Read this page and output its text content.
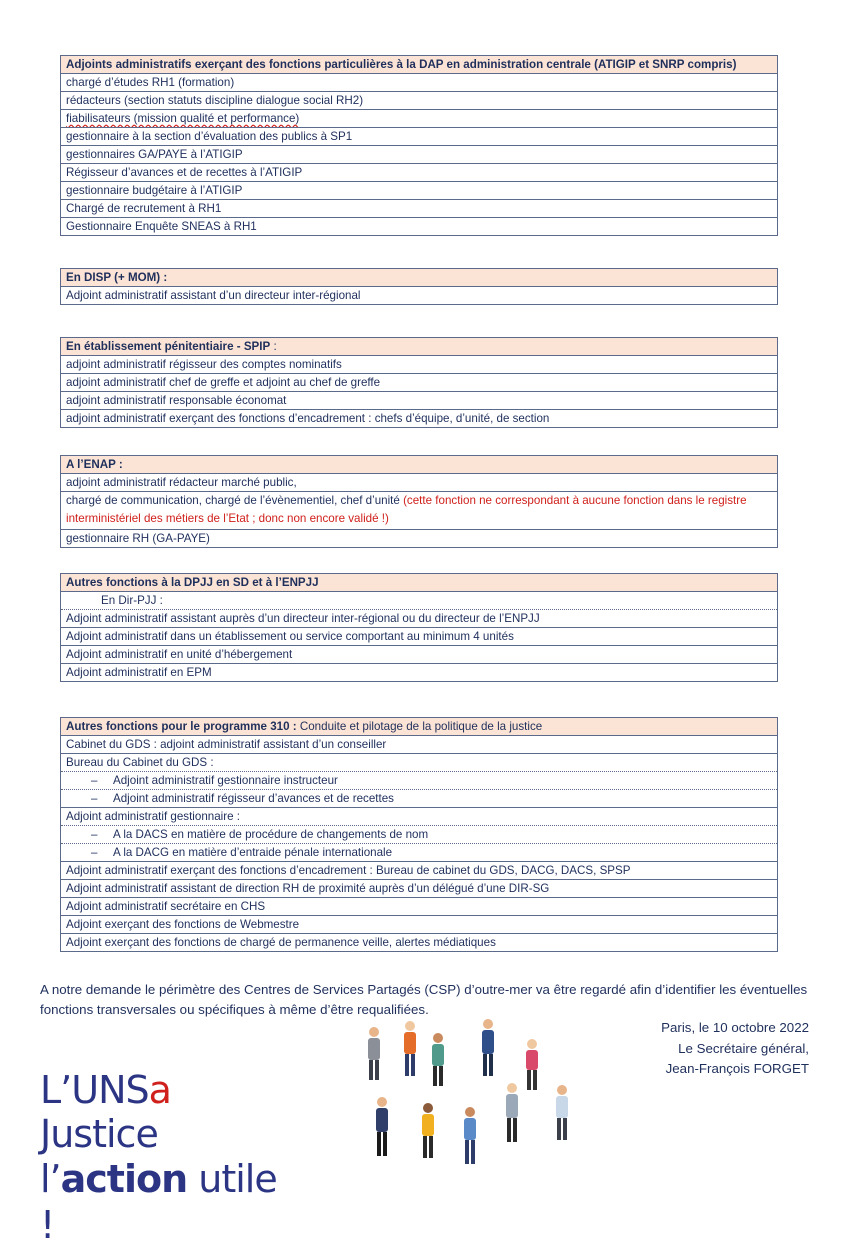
Adjoints administratifs exerçant des fonctions particulières à la DAP en administration centrale (ATIGIP et SNRP compris)
chargé d’études RH1 (formation)
rédacteurs (section statuts discipline dialogue social RH2)
fiabilisateurs (mission qualité et performance)
gestionnaire à la section d’évaluation des publics à SP1
gestionnaires GA/PAYE à l’ATIGIP
Régisseur d’avances et de recettes à l’ATIGIP
gestionnaire budgétaire à l’ATIGIP
Chargé de recrutement à RH1
Gestionnaire Enquête SNEAS à RH1
En DISP (+ MOM) :
Adjoint administratif assistant d’un directeur inter-régional
En établissement pénitentiaire - SPIP :
adjoint administratif régisseur des comptes nominatifs
adjoint administratif chef de greffe et adjoint au chef de greffe
adjoint administratif responsable économat
adjoint administratif exerçant des fonctions d’encadrement : chefs d’équipe, d’unité, de section
A l’ENAP :
adjoint administratif rédacteur marché public,
chargé de communication, chargé de l’évènementiel, chef d’unité (cette fonction ne correspondant à aucune fonction dans le registre interministériel des métiers de l’Etat ; donc non encore validé !)
gestionnaire RH (GA-PAYE)
Autres fonctions à la DPJJ en SD et à l’ENPJJ
En Dir-PJJ :
Adjoint administratif assistant auprès d’un directeur inter-régional ou du directeur de l’ENPJJ
Adjoint administratif dans un établissement ou service comportant au minimum 4 unités
Adjoint administratif en unité d’hébergement
Adjoint administratif en EPM
Autres fonctions pour le programme 310 : Conduite et pilotage de la politique de la justice
Cabinet du GDS : adjoint administratif assistant d’un conseiller
Bureau du Cabinet du GDS :
– Adjoint administratif gestionnaire instructeur
– Adjoint administratif régisseur d’avances et de recettes
Adjoint administratif gestionnaire :
– A la DACS en matière de procédure de changements de nom
– A la DACG en matière d’entraide pénale internationale
Adjoint administratif exerçant des fonctions d’encadrement : Bureau de cabinet du GDS, DACG, DACS, SPSP
Adjoint administratif assistant de direction RH de proximité auprès d’un délégué d’une DIR-SG
Adjoint administratif secrétaire en CHS
Adjoint exerçant des fonctions de Webmestre
Adjoint exerçant des fonctions de chargé de permanence veille, alertes médiatiques
A notre demande le périmètre des Centres de Services Partagés (CSP) d’outre-mer va être regardé afin d’identifier les éventuelles fonctions transversales ou spécifiques à même d’être requalifiées.
Paris, le 10 octobre 2022
Le Secrétaire général,
Jean-François FORGET
L’UNSa Justice
l’action utile !
